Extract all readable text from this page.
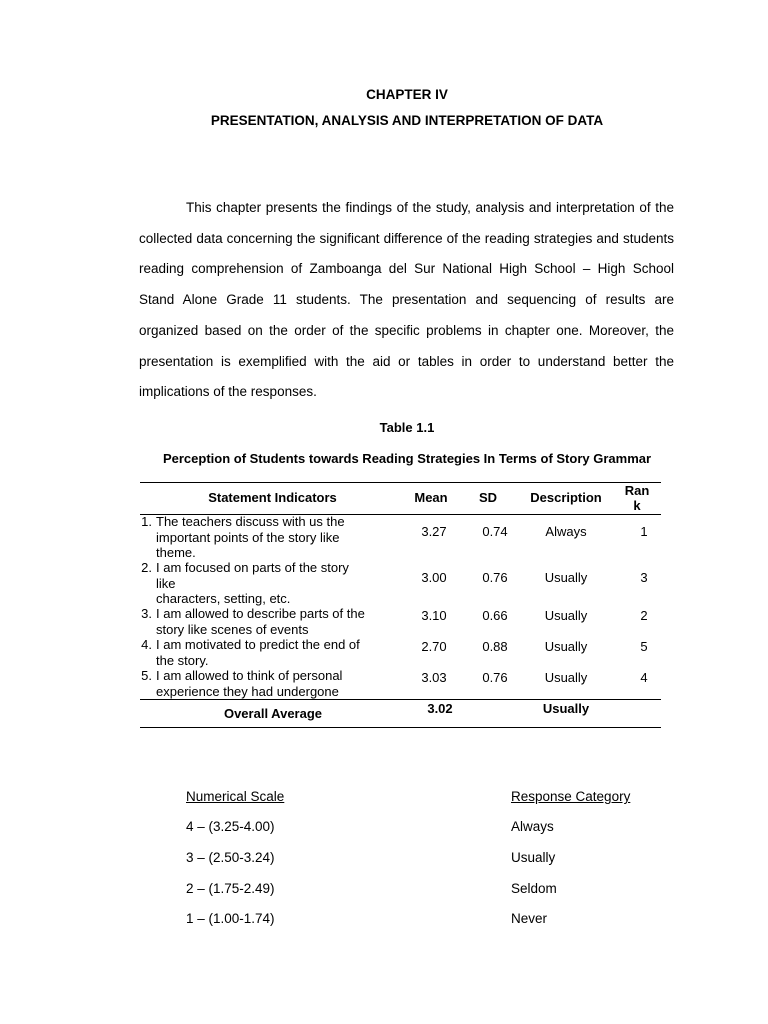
CHAPTER IV
PRESENTATION, ANALYSIS AND INTERPRETATION OF DATA

This chapter presents the findings of the study, analysis and interpretation of the collected data concerning the significant difference of the reading strategies and students reading comprehension of Zamboanga del Sur National High School – High School Stand Alone Grade 11 students. The presentation and sequencing of results are organized based on the order of the specific problems in chapter one. Moreover, the presentation is exemplified with the aid or tables in order to understand better the implications of the responses.

Table 1.1
Perception of Students towards Reading Strategies In Terms of Story Grammar
Statement Indicators	Mean	SD	Description	Ran
k
1. The teachers discuss with us the
important points of the story like
theme.
3.27	0.74	Always	1
2. I am focused on parts of the story
like
characters, setting, etc.
3.00	0.76	Usually	3
3. I am allowed to describe parts of the
story like scenes of events
3.10	0.66	Usually	2
4. I am motivated to predict the end of
the story.
2.70	0.88	Usually	5
5. I am allowed to think of personal
experience they had undergone
3.03	0.76	Usually	4
Overall Average	3.02	Usually
Numerical Scale	Response Category
4 – (3.25-4.00)	Always
3 – (2.50-3.24)	Usually
2 – (1.75-2.49)	Seldom
1 – (1.00-1.74)	Never
